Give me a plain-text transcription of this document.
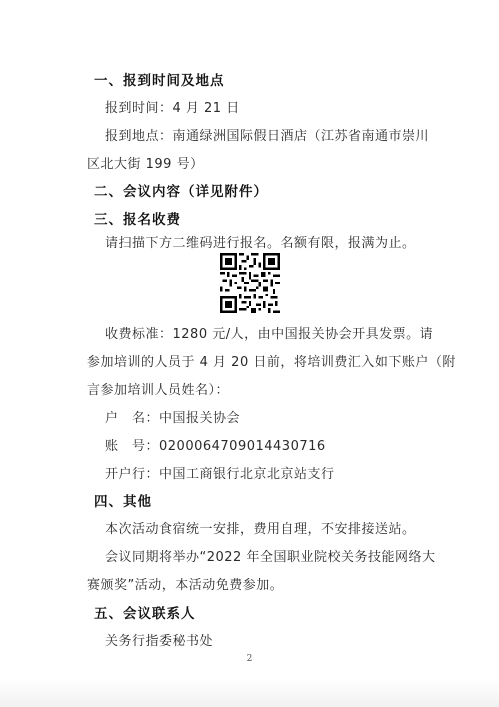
一、报到时间及地点
报到时间：4 月 21 日
报到地点：南通绿洲国际假日酒店（江苏省南通市崇川
区北大街 199 号）
二、会议内容（详见附件）
三、报名收费
请扫描下方二维码进行报名。名额有限，报满为止。
收费标准：1280 元/人，由中国报关协会开具发票。请
参加培训的人员于 4 月 20 日前，将培训费汇入如下账户（附
言参加培训人员姓名）：
户　名：中国报关协会
账　号：0200064709014430716
开户行：中国工商银行北京北京站支行
四、其他
本次活动食宿统一安排，费用自理，不安排接送站。
会议同期将举办“2022 年全国职业院校关务技能网络大
赛颁奖”活动，本活动免费参加。
五、会议联系人
关务行指委秘书处
2
